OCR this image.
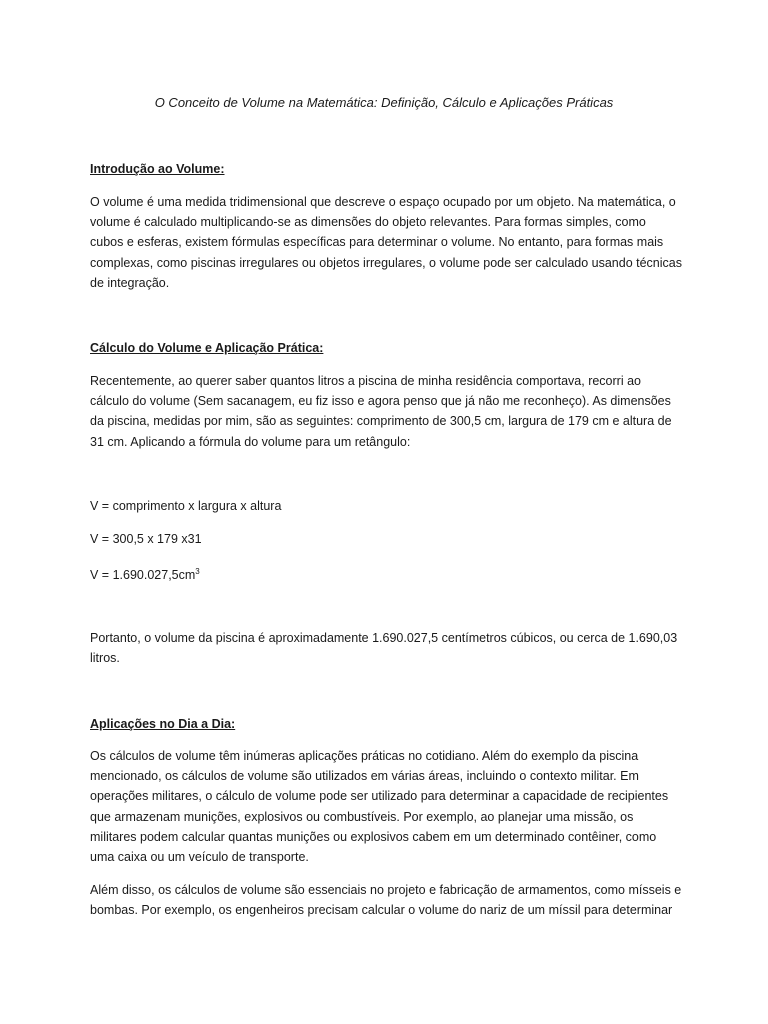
O Conceito de Volume na Matemática: Definição, Cálculo e Aplicações Práticas
Introdução ao Volume:

O volume é uma medida tridimensional que descreve o espaço ocupado por um objeto. Na matemática, o volume é calculado multiplicando-se as dimensões do objeto relevantes. Para formas simples, como cubos e esferas, existem fórmulas específicas para determinar o volume. No entanto, para formas mais complexas, como piscinas irregulares ou objetos irregulares, o volume pode ser calculado usando técnicas de integração.

Cálculo do Volume e Aplicação Prática:

Recentemente, ao querer saber quantos litros a piscina de minha residência comportava, recorri ao cálculo do volume (Sem sacanagem, eu fiz isso e agora penso que já não me reconheço). As dimensões da piscina, medidas por mim, são as seguintes: comprimento de 300,5 cm, largura de 179 cm e altura de 31 cm. Aplicando a fórmula do volume para um retângulo:

V = comprimento x largura x altura

V = 300,5 x 179 x31

$V = 1.690.027,5cm^3$

Portanto, o volume da piscina é aproximadamente 1.690.027,5 centímetros cúbicos, ou cerca de 1.690,03 litros.

Aplicações no Dia a Dia:

Os cálculos de volume têm inúmeras aplicações práticas no cotidiano. Além do exemplo da piscina mencionado, os cálculos de volume são utilizados em várias áreas, incluindo o contexto militar. Em operações militares, o cálculo de volume pode ser utilizado para determinar a capacidade de recipientes que armazenam munições, explosivos ou combustíveis. Por exemplo, ao planejar uma missão, os militares podem calcular quantas munições ou explosivos cabem em um determinado contêiner, como uma caixa ou um veículo de transporte.

Além disso, os cálculos de volume são essenciais no projeto e fabricação de armamentos, como mísseis e bombas. Por exemplo, os engenheiros precisam calcular o volume do nariz de um míssil para determinar
